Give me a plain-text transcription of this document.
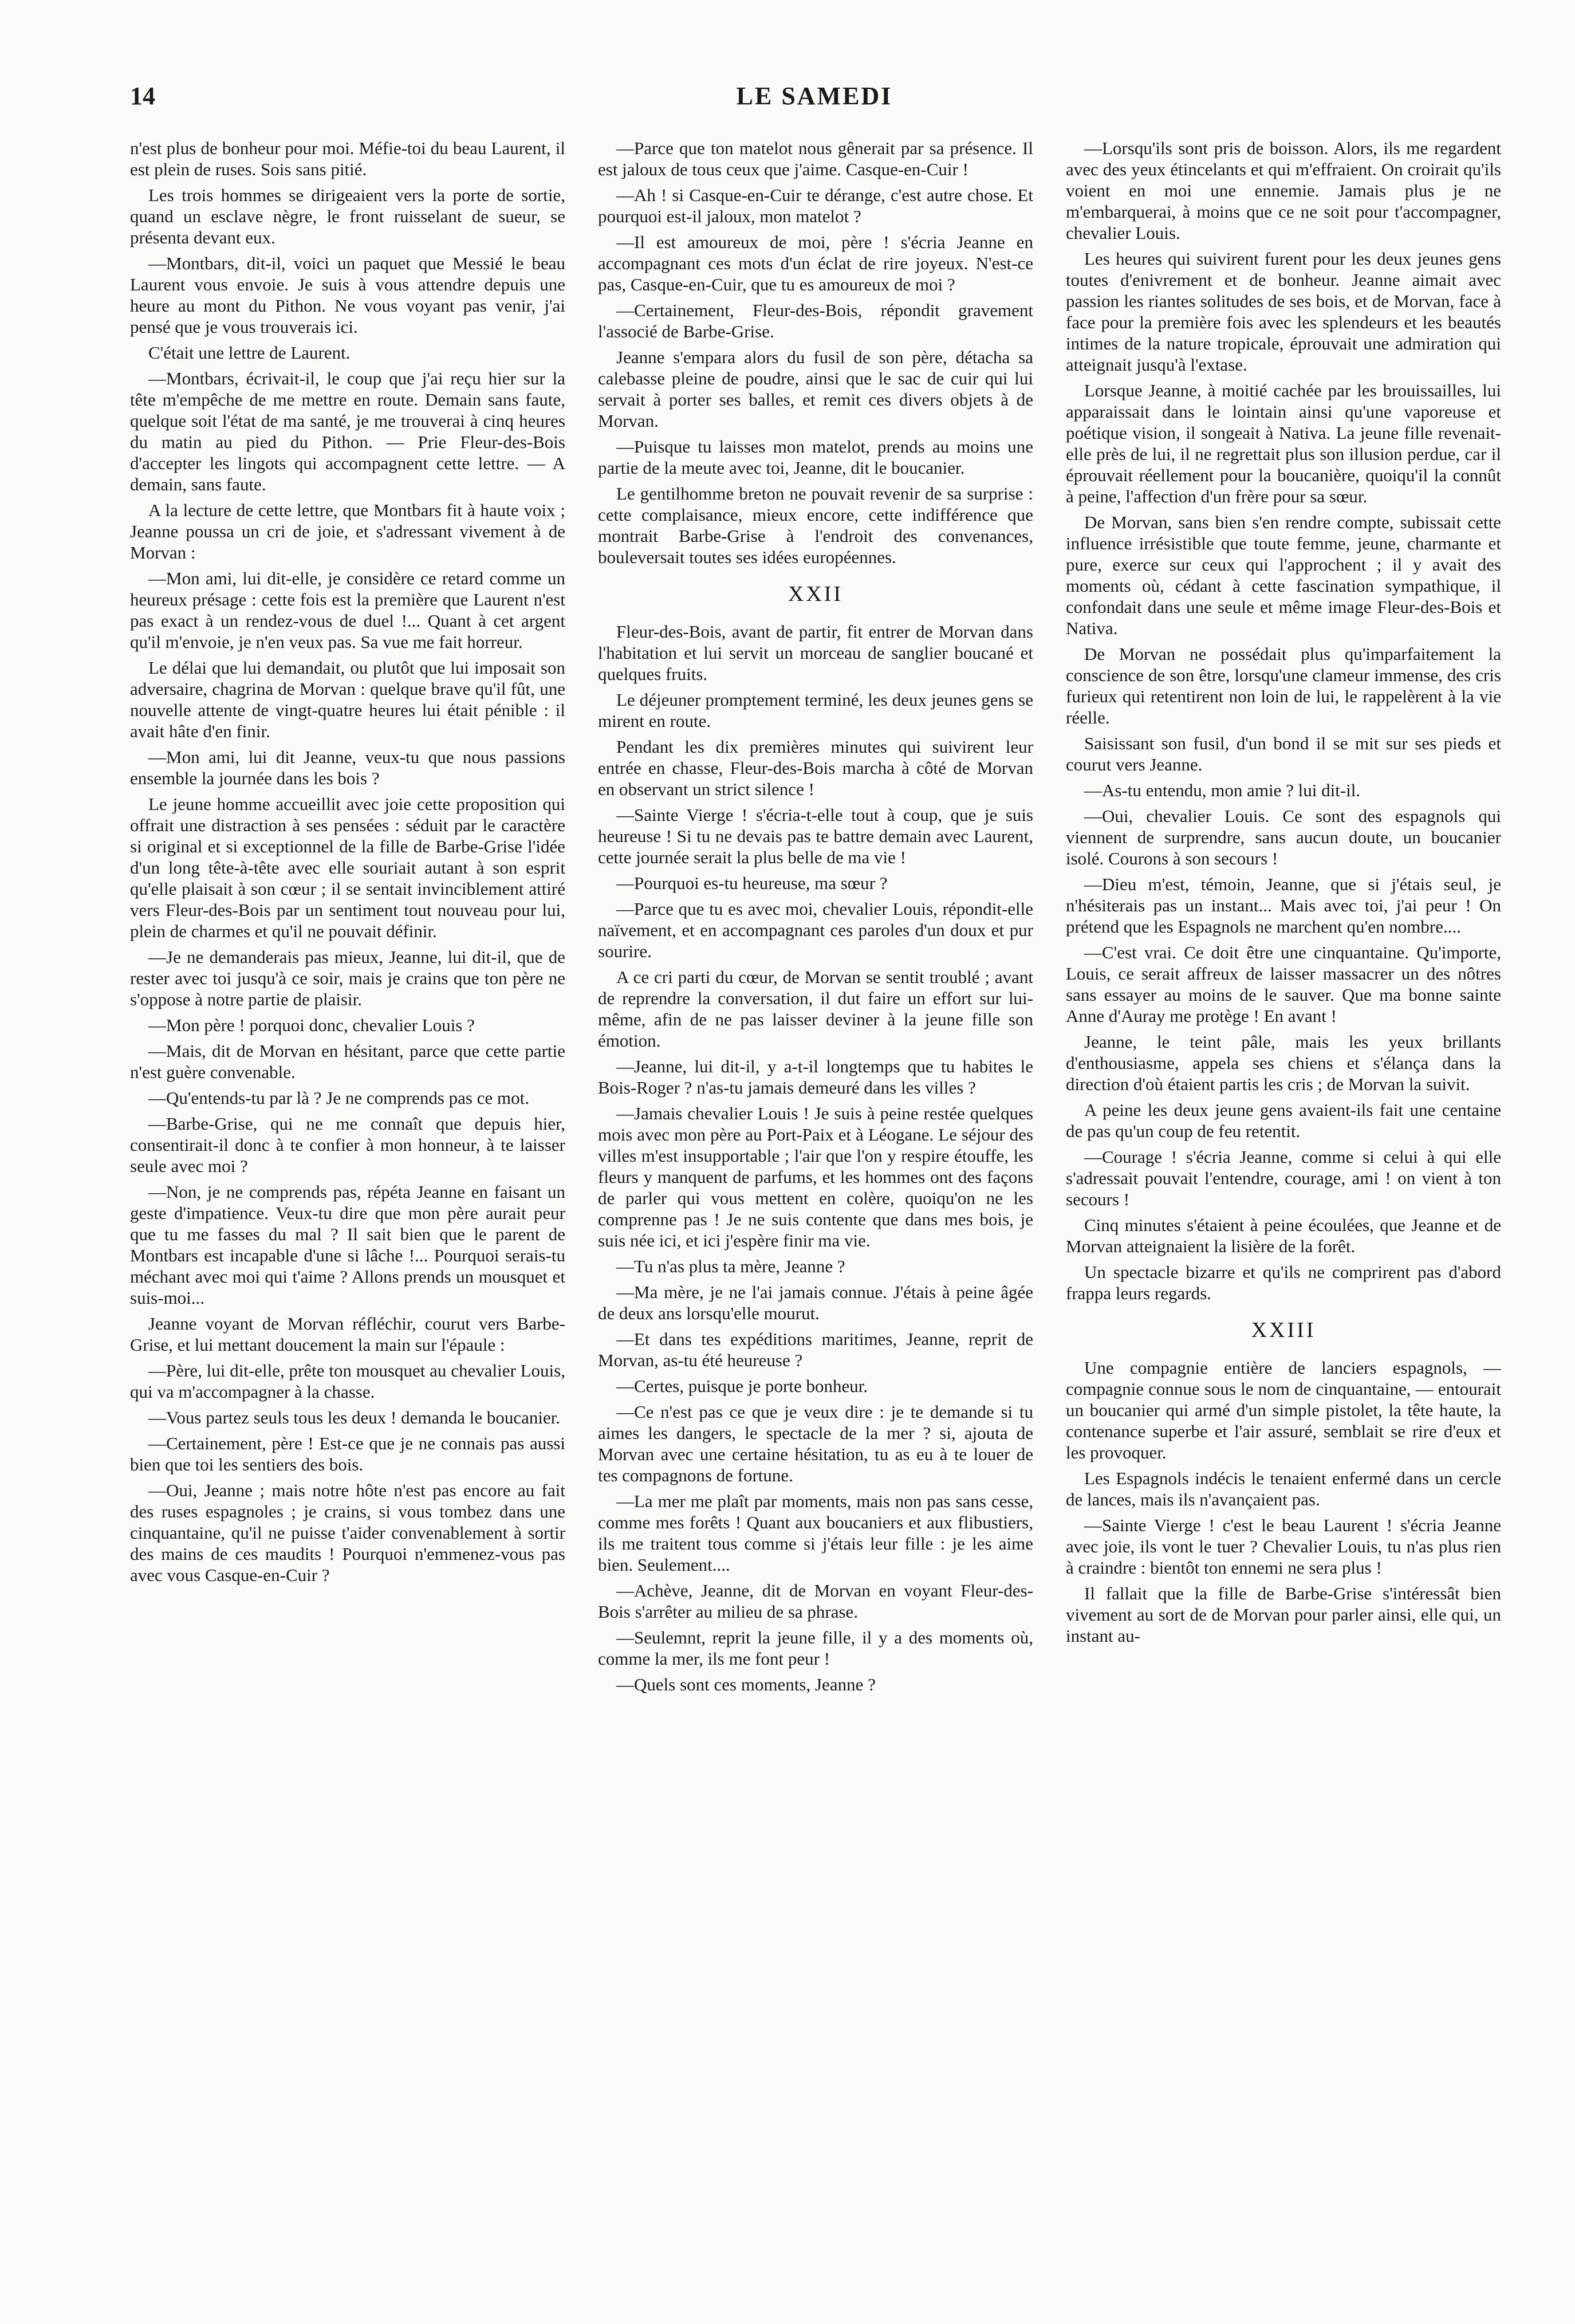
14	LE SAMEDI

n'est plus de bonheur pour moi. Méfie-toi du beau Laurent, il est plein de ruses. Sois sans pitié.

Les trois hommes se dirigeaient vers la porte de sortie, quand un esclave nègre, le front ruisselant de sueur, se présenta devant eux.

—Montbars, dit-il, voici un paquet que Messié le beau Laurent vous envoie. Je suis à vous attendre depuis une heure au mont du Pithon. Ne vous voyant pas venir, j'ai pensé que je vous trouverais ici.

C'était une lettre de Laurent.

—Montbars, écrivait-il, le coup que j'ai reçu hier sur la tête m'empêche de me mettre en route. Demain sans faute, quelque soit l'état de ma santé, je me trouverai à cinq heures du matin au pied du Pithon. — Prie Fleur-des-Bois d'accepter les lingots qui accompagnent cette lettre. — A demain, sans faute.

A la lecture de cette lettre, que Montbars fit à haute voix ; Jeanne poussa un cri de joie, et s'adressant vivement à de Morvan :

—Mon ami, lui dit-elle, je considère ce retard comme un heureux présage : cette fois est la première que Laurent n'est pas exact à un rendez-vous de duel !... Quant à cet argent qu'il m'envoie, je n'en veux pas. Sa vue me fait horreur.

Le délai que lui demandait, ou plutôt que lui imposait son adversaire, chagrina de Morvan : quelque brave qu'il fût, une nouvelle attente de vingt-quatre heures lui était pénible : il avait hâte d'en finir.

—Mon ami, lui dit Jeanne, veux-tu que nous passions ensemble la journée dans les bois ?

Le jeune homme accueillit avec joie cette proposition qui offrait une distraction à ses pensées : séduit par le caractère si original et si exceptionnel de la fille de Barbe-Grise l'idée d'un long tête-à-tête avec elle souriait autant à son esprit qu'elle plaisait à son cœur ; il se sentait invinciblement attiré vers Fleur-des-Bois par un sentiment tout nouveau pour lui, plein de charmes et qu'il ne pouvait définir.

—Je ne demanderais pas mieux, Jeanne, lui dit-il, que de rester avec toi jusqu'à ce soir, mais je crains que ton père ne s'oppose à notre partie de plaisir.

—Mon père ! porquoi donc, chevalier Louis ?

—Mais, dit de Morvan en hésitant, parce que cette partie n'est guère convenable.

—Qu'entends-tu par là ? Je ne comprends pas ce mot.

—Barbe-Grise, qui ne me connaît que depuis hier, consentirait-il donc à te confier à mon honneur, à te laisser seule avec moi ?

—Non, je ne comprends pas, répéta Jeanne en faisant un geste d'impatience. Veux-tu dire que mon père aurait peur que tu me fasses du mal ? Il sait bien que le parent de Montbars est incapable d'une si lâche !... Pourquoi serais-tu méchant avec moi qui t'aime ? Allons prends un mousquet et suis-moi...

Jeanne voyant de Morvan réfléchir, courut vers Barbe-Grise, et lui mettant doucement la main sur l'épaule :

—Père, lui dit-elle, prête ton mousquet au chevalier Louis, qui va m'accompagner à la chasse.

—Vous partez seuls tous les deux ! demanda le boucanier.

—Certainement, père ! Est-ce que je ne connais pas aussi bien que toi les sentiers des bois.

—Oui, Jeanne ; mais notre hôte n'est pas encore au fait des ruses espagnoles ; je crains, si vous tombez dans une cinquantaine, qu'il ne puisse t'aider convenablement à sortir des mains de ces maudits ! Pourquoi n'emmenez-vous pas avec vous Casque-en-Cuir ?

—Parce que ton matelot nous gênerait par sa présence. Il est jaloux de tous ceux que j'aime. Casque-en-Cuir !

—Ah ! si Casque-en-Cuir te dérange, c'est autre chose. Et pourquoi est-il jaloux, mon matelot ?

—Il est amoureux de moi, père ! s'écria Jeanne en accompagnant ces mots d'un éclat de rire joyeux. N'est-ce pas, Casque-en-Cuir, que tu es amoureux de moi ?

—Certainement, Fleur-des-Bois, répondit gravement l'associé de Barbe-Grise.

Jeanne s'empara alors du fusil de son père, détacha sa calebasse pleine de poudre, ainsi que le sac de cuir qui lui servait à porter ses balles, et remit ces divers objets à de Morvan.

—Puisque tu laisses mon matelot, prends au moins une partie de la meute avec toi, Jeanne, dit le boucanier.

Le gentilhomme breton ne pouvait revenir de sa surprise : cette complaisance, mieux encore, cette indifférence que montrait Barbe-Grise à l'endroit des convenances, bouleversait toutes ses idées européennes.

XXII

Fleur-des-Bois, avant de partir, fit entrer de Morvan dans l'habitation et lui servit un morceau de sanglier boucané et quelques fruits.

Le déjeuner promptement terminé, les deux jeunes gens se mirent en route.

Pendant les dix premières minutes qui suivirent leur entrée en chasse, Fleur-des-Bois marcha à côté de Morvan en observant un strict silence !

—Sainte Vierge ! s'écria-t-elle tout à coup, que je suis heureuse ! Si tu ne devais pas te battre demain avec Laurent, cette journée serait la plus belle de ma vie !

—Pourquoi es-tu heureuse, ma sœur ?

—Parce que tu es avec moi, chevalier Louis, répondit-elle naïvement, et en accompagnant ces paroles d'un doux et pur sourire.

A ce cri parti du cœur, de Morvan se sentit troublé ; avant de reprendre la conversation, il dut faire un effort sur lui-même, afin de ne pas laisser deviner à la jeune fille son émotion.

—Jeanne, lui dit-il, y a-t-il longtemps que tu habites le Bois-Roger ? n'as-tu jamais demeuré dans les villes ?

—Jamais chevalier Louis ! Je suis à peine restée quelques mois avec mon père au Port-Paix et à Léogane. Le séjour des villes m'est insupportable ; l'air que l'on y respire étouffe, les fleurs y manquent de parfums, et les hommes ont des façons de parler qui vous mettent en colère, quoiqu'on ne les comprenne pas ! Je ne suis contente que dans mes bois, je suis née ici, et ici j'espère finir ma vie.

—Tu n'as plus ta mère, Jeanne ?

—Ma mère, je ne l'ai jamais connue. J'étais à peine âgée de deux ans lorsqu'elle mourut.

—Et dans tes expéditions maritimes, Jeanne, reprit de Morvan, as-tu été heureuse ?

—Certes, puisque je porte bonheur.

—Ce n'est pas ce que je veux dire : je te demande si tu aimes les dangers, le spectacle de la mer ? si, ajouta de Morvan avec une certaine hésitation, tu as eu à te louer de tes compagnons de fortune.

—La mer me plaît par moments, mais non pas sans cesse, comme mes forêts ! Quant aux boucaniers et aux flibustiers, ils me traitent tous comme si j'étais leur fille : je les aime bien. Seulement....

—Achève, Jeanne, dit de Morvan en voyant Fleur-des-Bois s'arrêter au milieu de sa phrase.

—Seulemnt, reprit la jeune fille, il y a des moments où, comme la mer, ils me font peur !

—Quels sont ces moments, Jeanne ?

—Lorsqu'ils sont pris de boisson. Alors, ils me regardent avec des yeux étincelants et qui m'effraient. On croirait qu'ils voient en moi une ennemie. Jamais plus je ne m'embarquerai, à moins que ce ne soit pour t'accompagner, chevalier Louis.

Les heures qui suivirent furent pour les deux jeunes gens toutes d'enivrement et de bonheur. Jeanne aimait avec passion les riantes solitudes de ses bois, et de Morvan, face à face pour la première fois avec les splendeurs et les beautés intimes de la nature tropicale, éprouvait une admiration qui atteignait jusqu'à l'extase.

Lorsque Jeanne, à moitié cachée par les brouissailles, lui apparaissait dans le lointain ainsi qu'une vaporeuse et poétique vision, il songeait à Nativa. La jeune fille revenait-elle près de lui, il ne regrettait plus son illusion perdue, car il éprouvait réellement pour la boucanière, quoiqu'il la connût à peine, l'affection d'un frère pour sa sœur.

De Morvan, sans bien s'en rendre compte, subissait cette influence irrésistible que toute femme, jeune, charmante et pure, exerce sur ceux qui l'approchent ; il y avait des moments où, cédant à cette fascination sympathique, il confondait dans une seule et même image Fleur-des-Bois et Nativa.

De Morvan ne possédait plus qu'imparfaitement la conscience de son être, lorsqu'une clameur immense, des cris furieux qui retentirent non loin de lui, le rappelèrent à la vie réelle.

Saisissant son fusil, d'un bond il se mit sur ses pieds et courut vers Jeanne.

—As-tu entendu, mon amie ? lui dit-il.

—Oui, chevalier Louis. Ce sont des espagnols qui viennent de surprendre, sans aucun doute, un boucanier isolé. Courons à son secours !

—Dieu m'est, témoin, Jeanne, que si j'étais seul, je n'hésiterais pas un instant... Mais avec toi, j'ai peur ! On prétend que les Espagnols ne marchent qu'en nombre....

—C'est vrai. Ce doit être une cinquantaine. Qu'importe, Louis, ce serait affreux de laisser massacrer un des nôtres sans essayer au moins de le sauver. Que ma bonne sainte Anne d'Auray me protège ! En avant !

Jeanne, le teint pâle, mais les yeux brillants d'enthousiasme, appela ses chiens et s'élança dans la direction d'où étaient partis les cris ; de Morvan la suivit.

A peine les deux jeune gens avaient-ils fait une centaine de pas qu'un coup de feu retentit.

—Courage ! s'écria Jeanne, comme si celui à qui elle s'adressait pouvait l'entendre, courage, ami ! on vient à ton secours !

Cinq minutes s'étaient à peine écoulées, que Jeanne et de Morvan atteignaient la lisière de la forêt.

Un spectacle bizarre et qu'ils ne comprirent pas d'abord frappa leurs regards.

XXIII

Une compagnie entière de lanciers espagnols, — compagnie connue sous le nom de cinquantaine, — entourait un boucanier qui armé d'un simple pistolet, la tête haute, la contenance superbe et l'air assuré, semblait se rire d'eux et les provoquer.

Les Espagnols indécis le tenaient enfermé dans un cercle de lances, mais ils n'avançaient pas.

—Sainte Vierge ! c'est le beau Laurent ! s'écria Jeanne avec joie, ils vont le tuer ? Chevalier Louis, tu n'as plus rien à craindre : bientôt ton ennemi ne sera plus !

Il fallait que la fille de Barbe-Grise s'intéressât bien vivement au sort de de Morvan pour parler ainsi, elle qui, un instant au-
